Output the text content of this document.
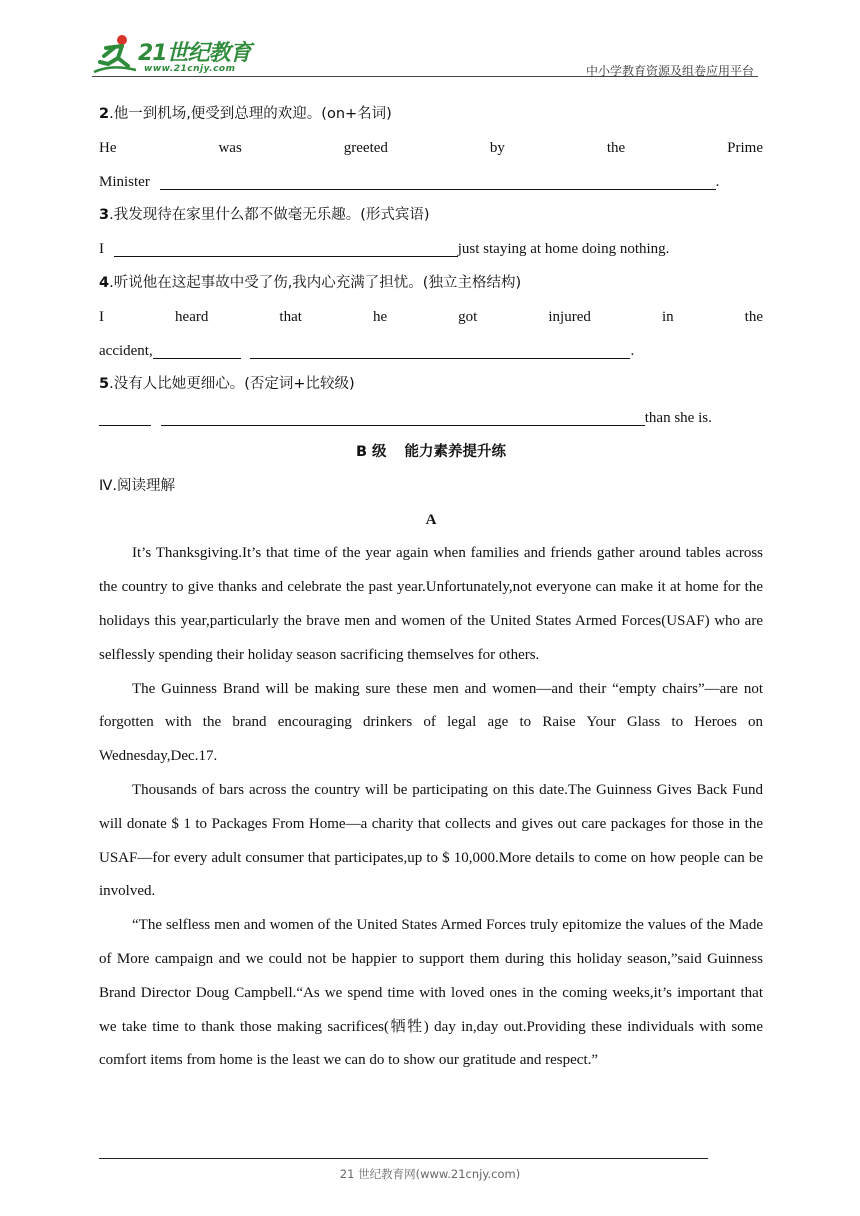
21世纪教育
www.21cnjy.com	中小学教育资源及组卷应用平台
2.他一到机场,便受到总理的欢迎。(on+名词)
He	was	greeted	by	the	Prime
Minister	.
3.我发现待在家里什么都不做毫无乐趣。(形式宾语)
I	just staying at home doing nothing.
4.听说他在这起事故中受了伤,我内心充满了担忧。(独立主格结构)
I	heard	that	he	got	injured	in	the
accident,	.
5.没有人比她更细心。(否定词+比较级)
than she is.
B 级 能力素养提升练
Ⅳ.阅读理解
A

It’s Thanksgiving.It’s that time of the year again when families and friends gather around tables across the country to give thanks and celebrate the past year.Unfortunately,not everyone can make it at home for the holidays this year,particularly the brave men and women of the United States Armed Forces(USAF) who are selflessly spending their holiday season sacrificing themselves for others.

The Guinness Brand will be making sure these men and women—and their “empty chairs”—are not forgotten with the brand encouraging drinkers of legal age to Raise Your Glass to Heroes on Wednesday,Dec.17.

Thousands of bars across the country will be participating on this date.The Guinness Gives Back Fund will donate $ 1 to Packages From Home—a charity that collects and gives out care packages for those in the USAF—for every adult consumer that participates,up to $ 10,000.More details to come on how people can be involved.

“The selfless men and women of the United States Armed Forces truly epitomize the values of the Made of More campaign and we could not be happier to support them during this holiday season,”said Guinness Brand Director Doug Campbell.“As we spend time with loved ones in the coming weeks,it’s important that we take time to thank those making sacrifices(牺牲) day in,day out.Providing these individuals with some comfort items from home is the least we can do to show our gratitude and respect.”

21 世纪教育网(www.21cnjy.com)
